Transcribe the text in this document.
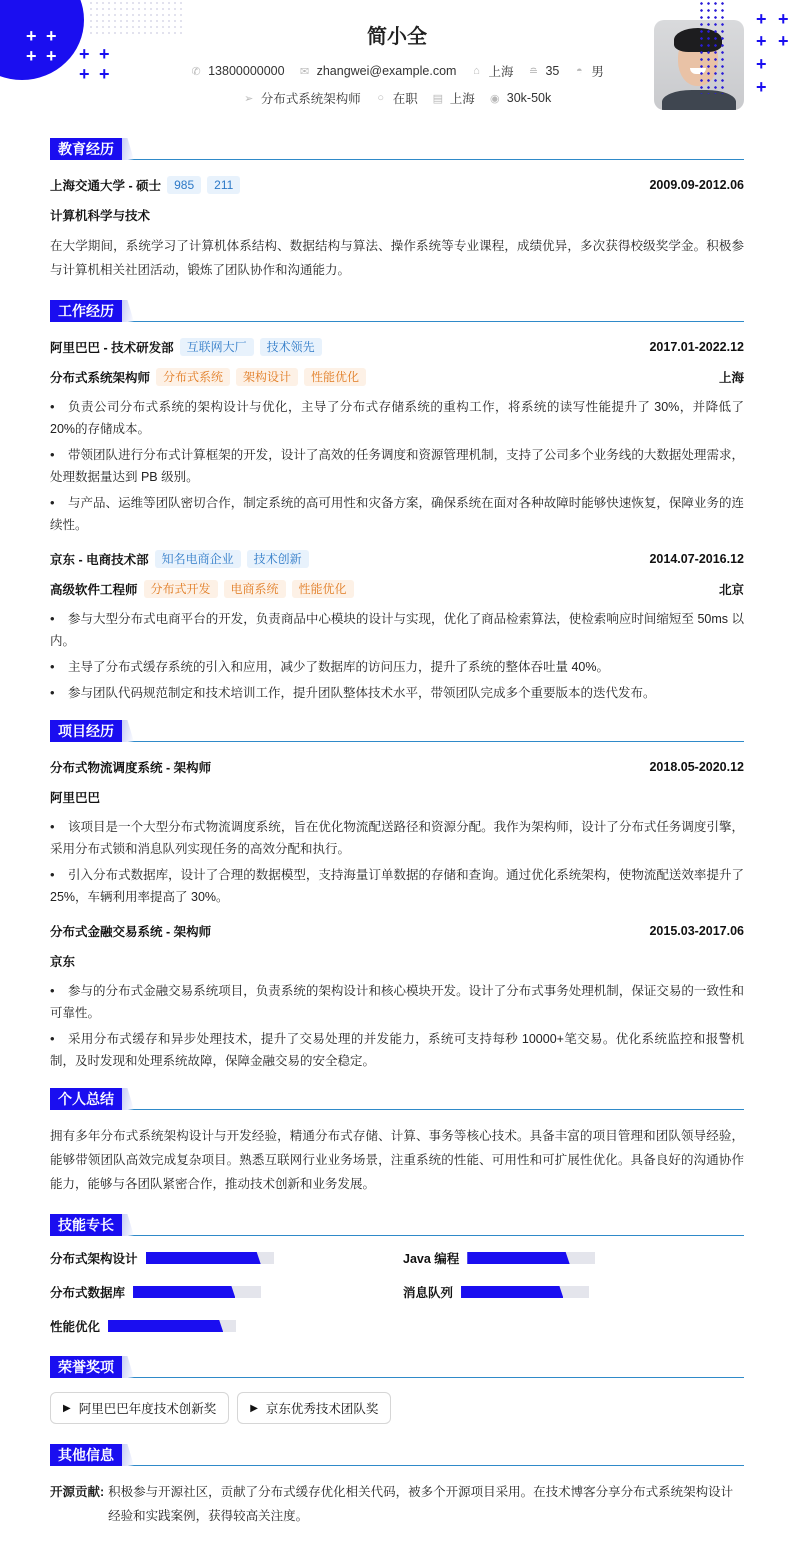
+ +
+ + + +
+ +
+ +
+ +
+
+
简小全
✆ 13800000000 ✉ zhangwei@example.com ⌂ 上海 ≘ 35 ◓ 男
➢ 分布式系统架构师 ○ 在职 ▤ 上海 ◉ 30k-50k
教育经历
上海交通大学 - 硕士	985	211	2009.09-2012.06
计算机科学与技术

在大学期间，系统学习了计算机体系结构、数据结构与算法、操作系统等专业课程，成绩优异，多次获得校级奖学金。积极参与计算机相关社团活动，锻炼了团队协作和沟通能力。

工作经历
阿里巴巴 - 技术研发部	互联网大厂	技术领先	2017.01-2022.12
分布式系统架构师	分布式系统	架构设计	性能优化	上海
• 负责公司分布式系统的架构设计与优化，主导了分布式存储系统的重构工作，将系统的读写性能提升了 30%，并降低了 20%的存储成本。
• 带领团队进行分布式计算框架的开发，设计了高效的任务调度和资源管理机制，支持了公司多个业务线的大数据处理需求，处理数据量达到 PB 级别。
• 与产品、运维等团队密切合作，制定系统的高可用性和灾备方案，确保系统在面对各种故障时能够快速恢复，保障业务的连续性。
京东 - 电商技术部	知名电商企业	技术创新	2014.07-2016.12
高级软件工程师	分布式开发	电商系统	性能优化	北京
• 参与大型分布式电商平台的开发，负责商品中心模块的设计与实现，优化了商品检索算法，使检索响应时间缩短至 50ms 以内。
• 主导了分布式缓存系统的引入和应用，减少了数据库的访问压力，提升了系统的整体吞吐量 40%。
• 参与团队代码规范制定和技术培训工作，提升团队整体技术水平，带领团队完成多个重要版本的迭代发布。
项目经历
分布式物流调度系统 - 架构师	2018.05-2020.12
阿里巴巴
• 该项目是一个大型分布式物流调度系统，旨在优化物流配送路径和资源分配。我作为架构师，设计了分布式任务调度引擎，采用分布式锁和消息队列实现任务的高效分配和执行。
• 引入分布式数据库，设计了合理的数据模型，支持海量订单数据的存储和查询。通过优化系统架构，使物流配送效率提升了 25%，车辆利用率提高了 30%。
分布式金融交易系统 - 架构师	2015.03-2017.06
京东
• 参与的分布式金融交易系统项目，负责系统的架构设计和核心模块开发。设计了分布式事务处理机制，保证交易的一致性和可靠性。
• 采用分布式缓存和异步处理技术，提升了交易处理的并发能力，系统可支持每秒 10000+笔交易。优化系统监控和报警机制，及时发现和处理系统故障，保障金融交易的安全稳定。
个人总结

拥有多年分布式系统架构设计与开发经验，精通分布式存储、计算、事务等核心技术。具备丰富的项目管理和团队领导经验，能够带领团队高效完成复杂项目。熟悉互联网行业业务场景，注重系统的性能、可用性和可扩展性优化。具备良好的沟通协作能力，能够与各团队紧密合作，推动技术创新和业务发展。

技能专长
分布式架构设计	Java 编程
分布式数据库	消息队列
性能优化
荣誉奖项
▶ 阿里巴巴年度技术创新奖	▶ 京东优秀技术团队奖
其他信息
开源贡献: 积极参与开源社区，贡献了分布式缓存优化相关代码，被多个开源项目采用。在技术博客分享分布式系统架构设计经验和实践案例，获得较高关注度。
